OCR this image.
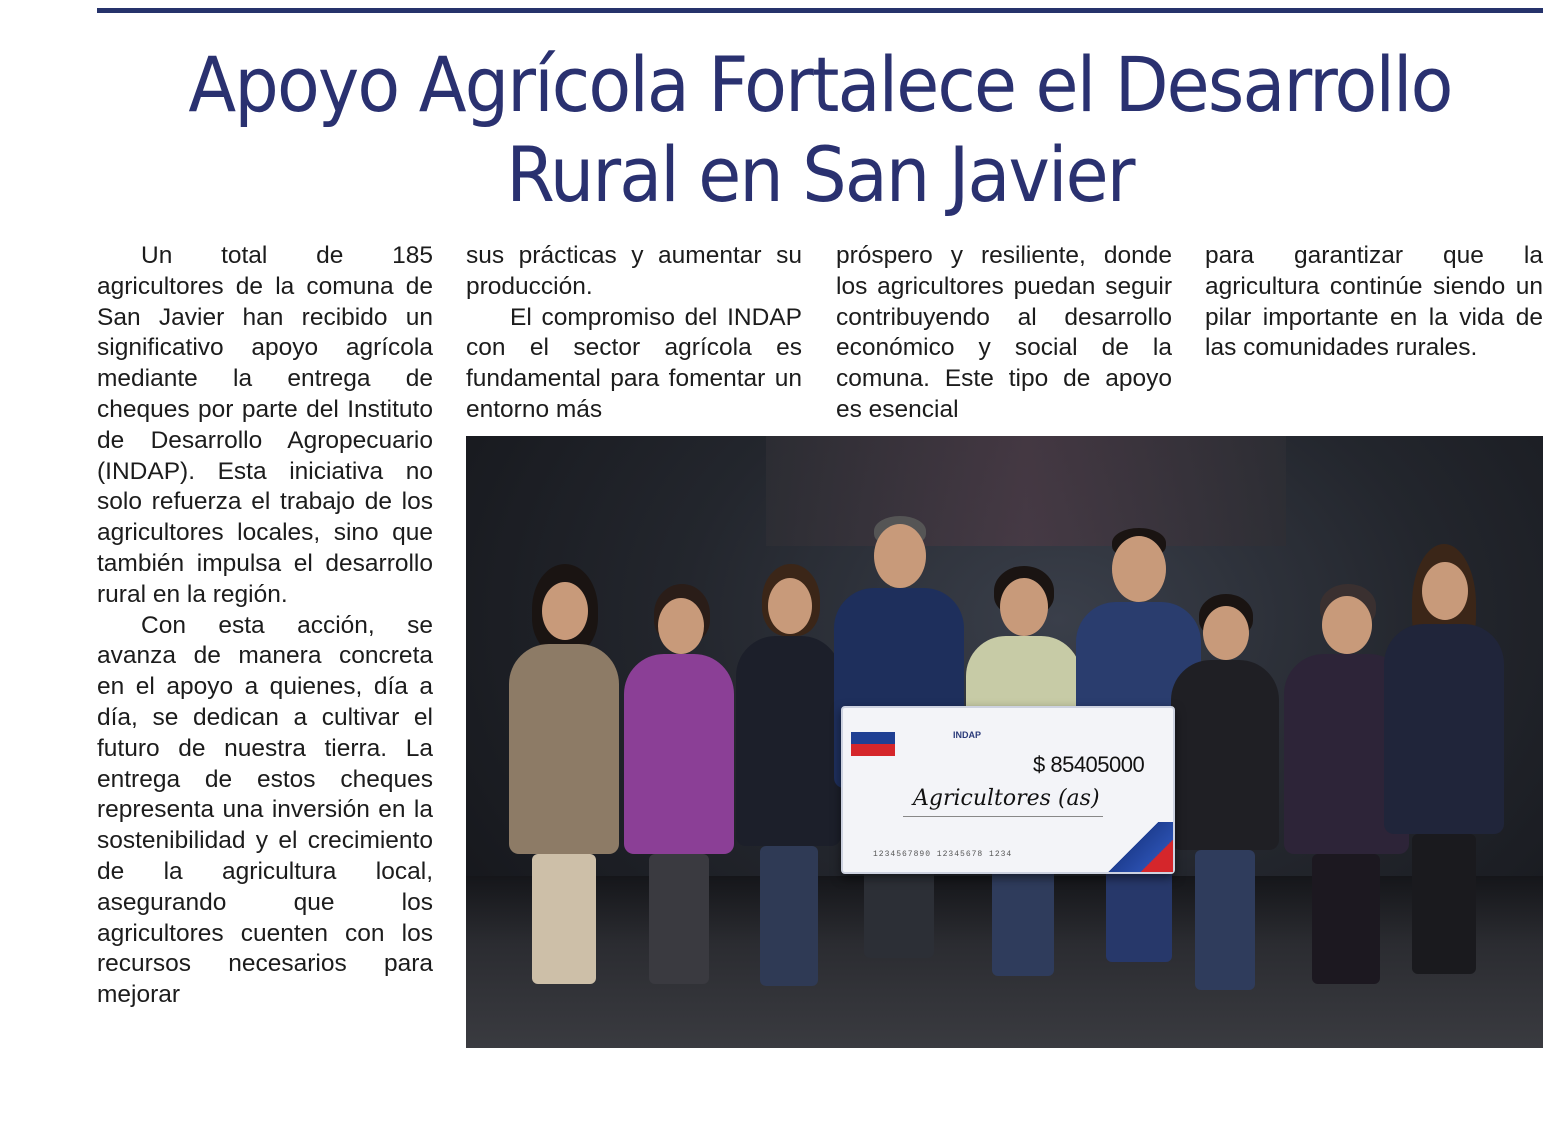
Apoyo Agrícola Fortalece el Desarrollo Rural en San Javier

Un total de 185 agricultores de la comuna de San Javier han recibido un significativo apoyo agrícola mediante la entrega de cheques por parte del Instituto de Desarrollo Agropecuario (INDAP). Esta iniciativa no solo refuerza el trabajo de los agricultores locales, sino que también impulsa el desarrollo rural en la región.

Con esta acción, se avanza de manera concreta en el apoyo a quienes, día a día, se dedican a cultivar el futuro de nuestra tierra. La entrega de estos cheques representa una inversión en la sostenibilidad y el crecimiento de la agricultura local, asegurando que los agricultores cuenten con los recursos necesarios para mejorar

sus prácticas y aumentar su producción.

El compromiso del INDAP con el sector agrícola es fundamental para fomentar un entorno más

próspero y resiliente, donde los agricultores puedan seguir contribuyendo al desarrollo económico y social de la comuna. Este tipo de apoyo es esencial

para garantizar que la agricultura continúe siendo un pilar importante en la vida de las comunidades rurales.

INDAP
$ 85405000
Agricultores (as)
1234567890 12345678 1234
